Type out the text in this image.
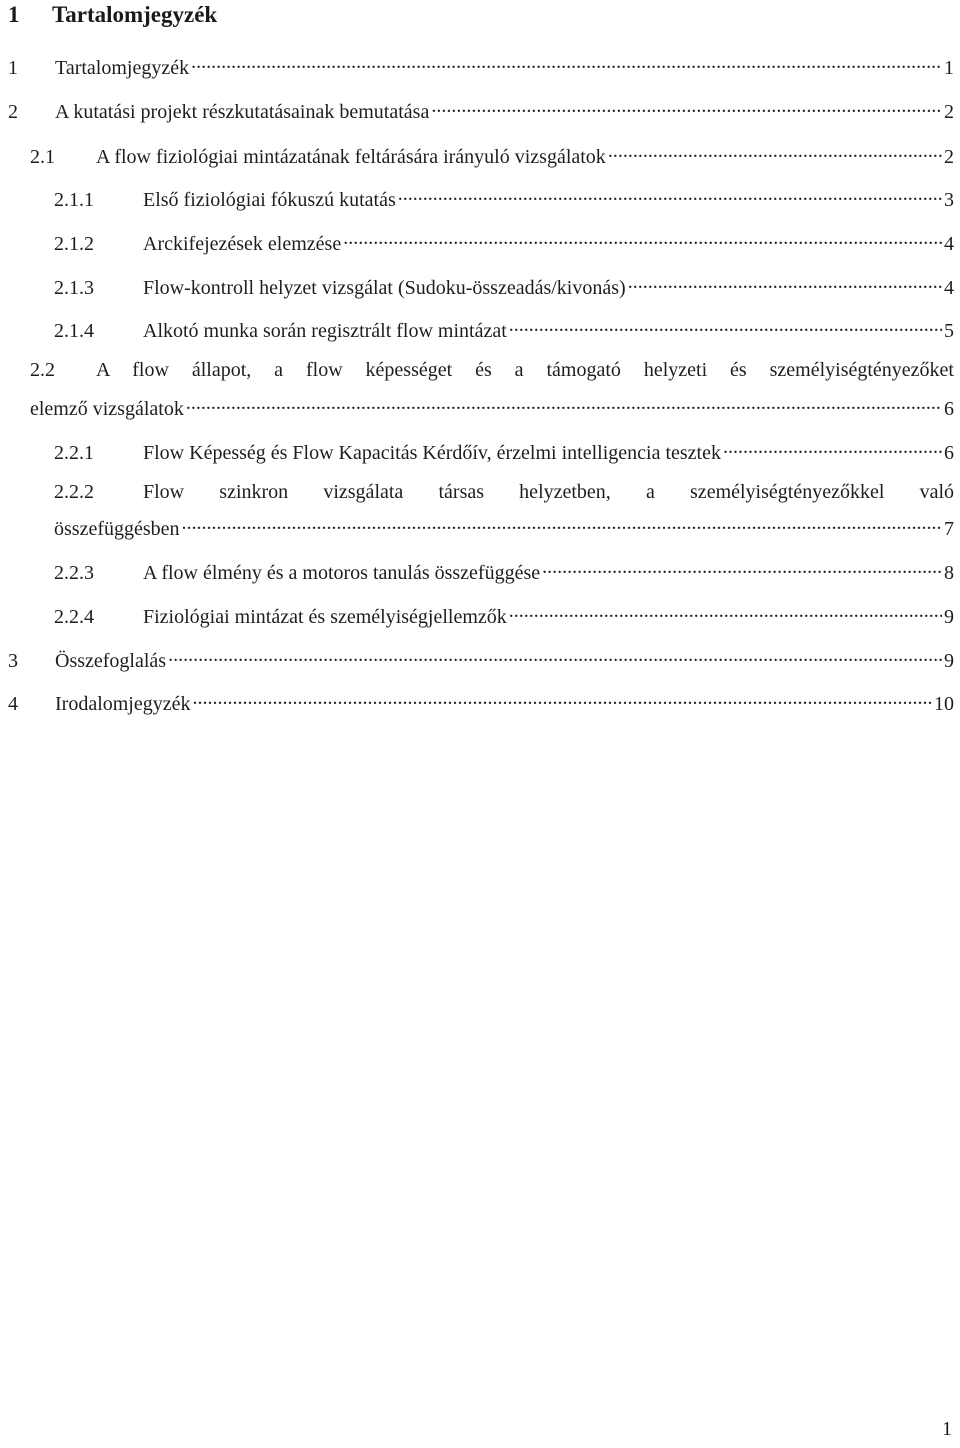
1 Tartalomjegyzék
1	Tartalomjegyzék .....	1
2	A kutatási projekt részkutatásainak bemutatása .....	2
2.1	A flow fiziológiai mintázatának feltárására irányuló vizsgálatok .....	2
2.1.1	Első fiziológiai fókuszú kutatás .....	3
2.1.2	Arckifejezések elemzése .....	4
2.1.3	Flow-kontroll helyzet vizsgálat (Sudoku-összeadás/kivonás) .....	4
2.1.4	Alkotó munka során regisztrált flow mintázat .....	5
2.2	A flow állapot, a flow képességet és a támogató helyzeti és személyiségtényezőket
elemző vizsgálatok .....	6
2.2.1	Flow Képesség és Flow Kapacitás Kérdőív, érzelmi intelligencia tesztek .....	6
2.2.2	Flow szinkron vizsgálata társas helyzetben, a személyiségtényezőkkel való
összefüggésben .....	7
2.2.3	A flow élmény és a motoros tanulás összefüggése .....	8
2.2.4	Fiziológiai mintázat és személyiségjellemzők .....	9
3	Összefoglalás .....	9
4	Irodalomjegyzék .....	10
1
